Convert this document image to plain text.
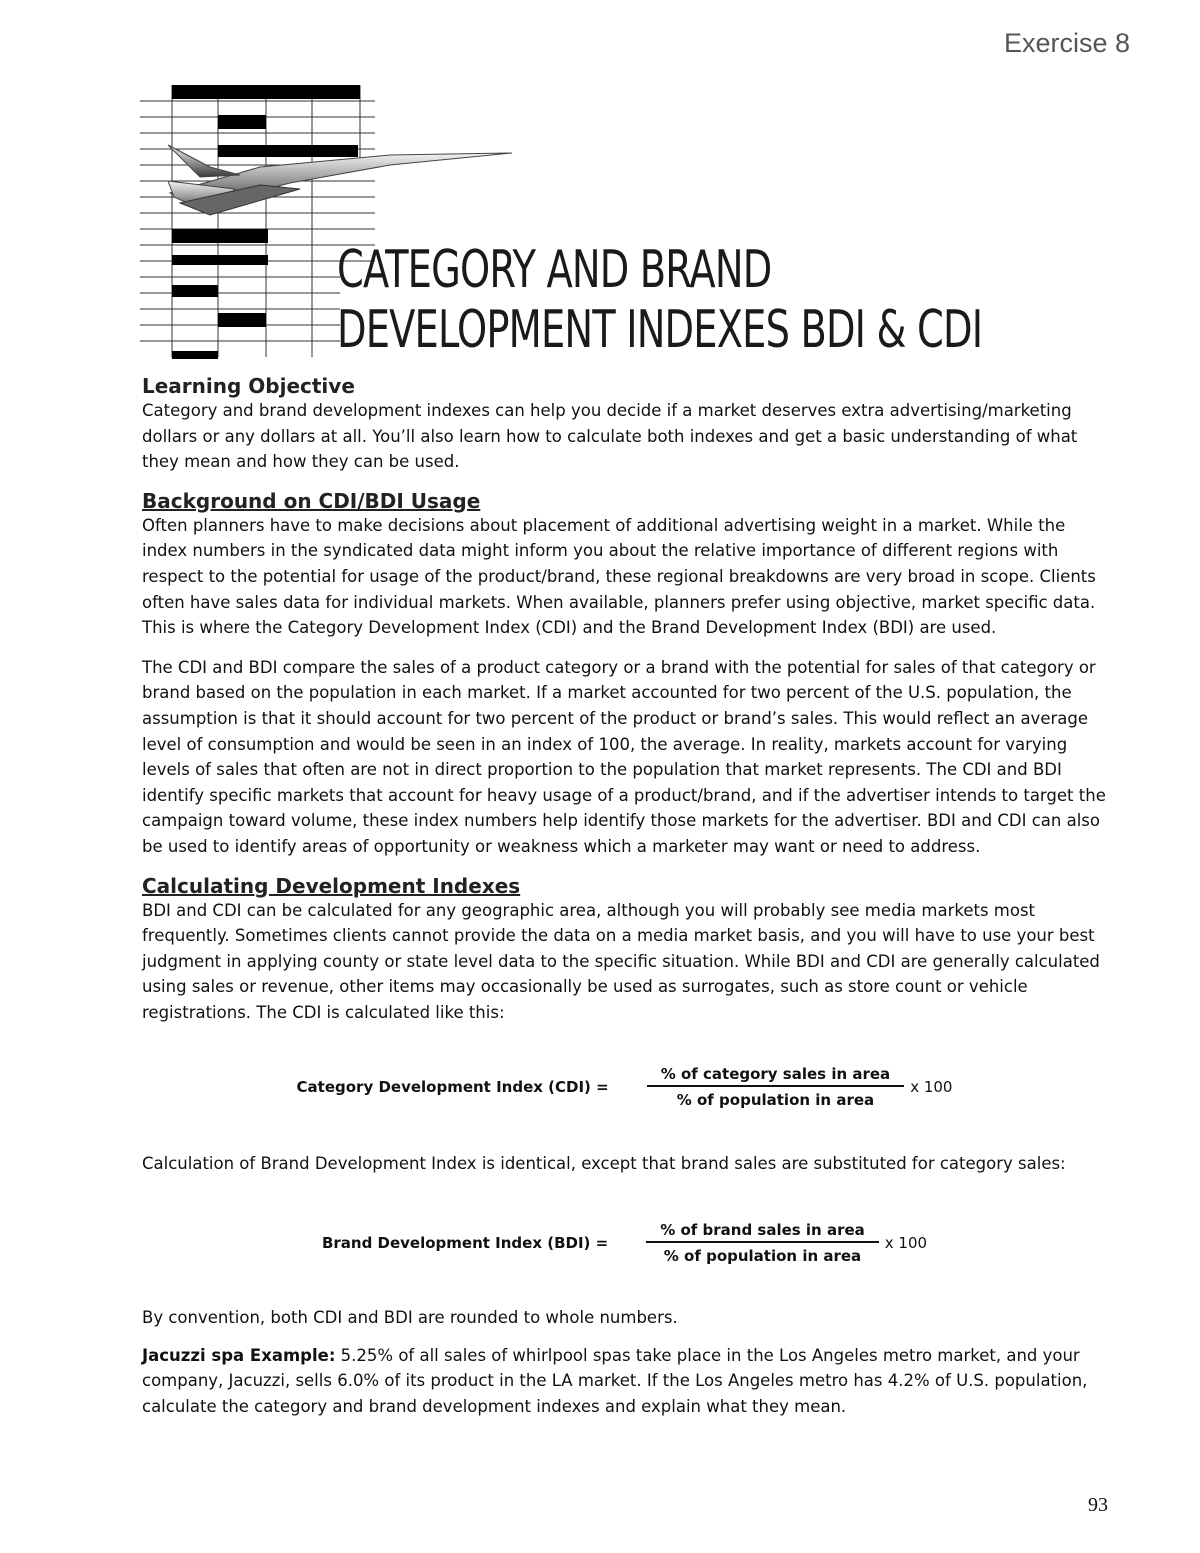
Exercise 8
CATEGORY AND BRAND
DEVELOPMENT INDEXES BDI & CDI
Learning Objective

Category and brand development indexes can help you decide if a market deserves extra advertising/marketing dollars or any dollars at all. You’ll also learn how to calculate both indexes and get a basic understanding of what they mean and how they can be used.

Background on CDI/BDI Usage

Often planners have to make decisions about placement of additional advertising weight in a market. While the index numbers in the syndicated data might inform you about the relative importance of different regions with respect to the potential for usage of the product/brand, these regional breakdowns are very broad in scope. Clients often have sales data for individual markets. When available, planners prefer using objective, market specific data. This is where the Category Development Index (CDI) and the Brand Development Index (BDI) are used.

The CDI and BDI compare the sales of a product category or a brand with the potential for sales of that category or brand based on the population in each market. If a market accounted for two percent of the U.S. population, the assumption is that it should account for two percent of the product or brand’s sales. This would reflect an average level of consumption and would be seen in an index of 100, the average. In reality, markets account for varying levels of sales that often are not in direct proportion to the population that market represents. The CDI and BDI identify specific markets that account for heavy usage of a product/brand, and if the advertiser intends to target the campaign toward volume, these index numbers help identify those markets for the advertiser. BDI and CDI can also be used to identify areas of opportunity or weakness which a marketer may want or need to address.

Calculating Development Indexes

BDI and CDI can be calculated for any geographic area, although you will probably see media markets most frequently. Sometimes clients cannot provide the data on a media market basis, and you will have to use your best judgment in applying county or state level data to the specific situation. While BDI and CDI are generally calculated using sales or revenue, other items may occasionally be used as surrogates, such as store count or vehicle registrations. The CDI is calculated like this:

Category Development Index (CDI) =	$\frac{\text{\% of category sales in area}}{\text{\% of population in area}}$ x 100

Calculation of Brand Development Index is identical, except that brand sales are substituted for category sales:

Brand Development Index (BDI) =	$\frac{\text{\% of brand sales in area}}{\text{\% of population in area}}$ x 100

By convention, both CDI and BDI are rounded to whole numbers.

Jacuzzi spa Example: 5.25% of all sales of whirlpool spas take place in the Los Angeles metro market, and your company, Jacuzzi, sells 6.0% of its product in the LA market. If the Los Angeles metro has 4.2% of U.S. population, calculate the category and brand development indexes and explain what they mean.

93
